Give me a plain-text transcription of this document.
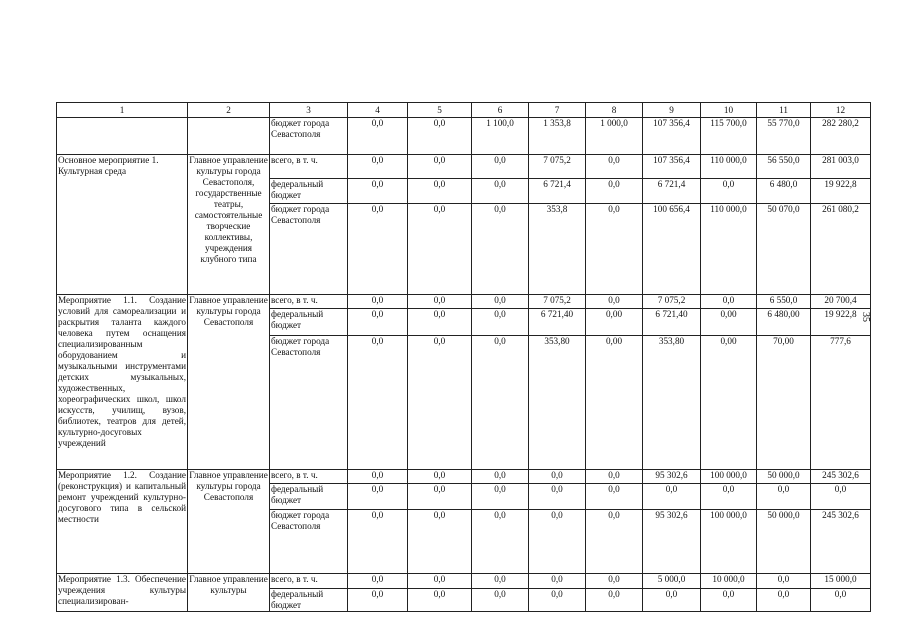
1	2	3	4	5	6	7	8	9	10	11	12
		бюджет города Севастополя	0,0	0,0	1 100,0	1 353,8	1 000,0	107 356,4	115 700,0	55 770,0	282 280,2
Основное мероприятие 1. Культурная среда	Главное управление культуры города Севастополя, государственные театры, самостоятельные творческие коллективы, учреждения клубного типа	всего, в т. ч.	0,0	0,0	0,0	7 075,2	0,0	107 356,4	110 000,0	56 550,0	281 003,0
		федеральный бюджет	0,0	0,0	0,0	6 721,4	0,0	6 721,4	0,0	6 480,0	19 922,8
		бюджет города Севастополя	0,0	0,0	0,0	353,8	0,0	100 656,4	110 000,0	50 070,0	261 080,2
Мероприятие 1.1. Создание условий для самореализации и раскрытия таланта каждого человека путем оснащения специализированным оборудованием и музыкальными инструментами детских музыкальных, художественных, хореографических школ, школ искусств, училищ, вузов, библиотек, театров для детей, культурно-досуговых учреждений	Главное управление культуры города Севастополя	всего, в т. ч.	0,0	0,0	0,0	7 075,2	0,0	7 075,2	0,0	6 550,0	20 700,4
		федеральный бюджет	0,0	0,0	0,0	6 721,40	0,00	6 721,40	0,00	6 480,00	19 922,8
		бюджет города Севастополя	0,0	0,0	0,0	353,80	0,00	353,80	0,00	70,00	777,6
Мероприятие 1.2. Создание (реконструкция) и капитальный ремонт учреждений культурно-досугового типа в сельской местности	Главное управление культуры города Севастополя	всего, в т. ч.	0,0	0,0	0,0	0,0	0,0	95 302,6	100 000,0	50 000,0	245 302,6
		федеральный бюджет	0,0	0,0	0,0	0,0	0,0	0,0	0,0	0,0	0,0
		бюджет города Севастополя	0,0	0,0	0,0	0,0	0,0	95 302,6	100 000,0	50 000,0	245 302,6
Мероприятие 1.3. Обеспечение учреждения культуры специализирован-	Главное управление культуры	всего, в т. ч.	0,0	0,0	0,0	0,0	0,0	5 000,0	10 000,0	0,0	15 000,0
		федеральный бюджет	0,0	0,0	0,0	0,0	0,0	0,0	0,0	0,0	0,0
35
